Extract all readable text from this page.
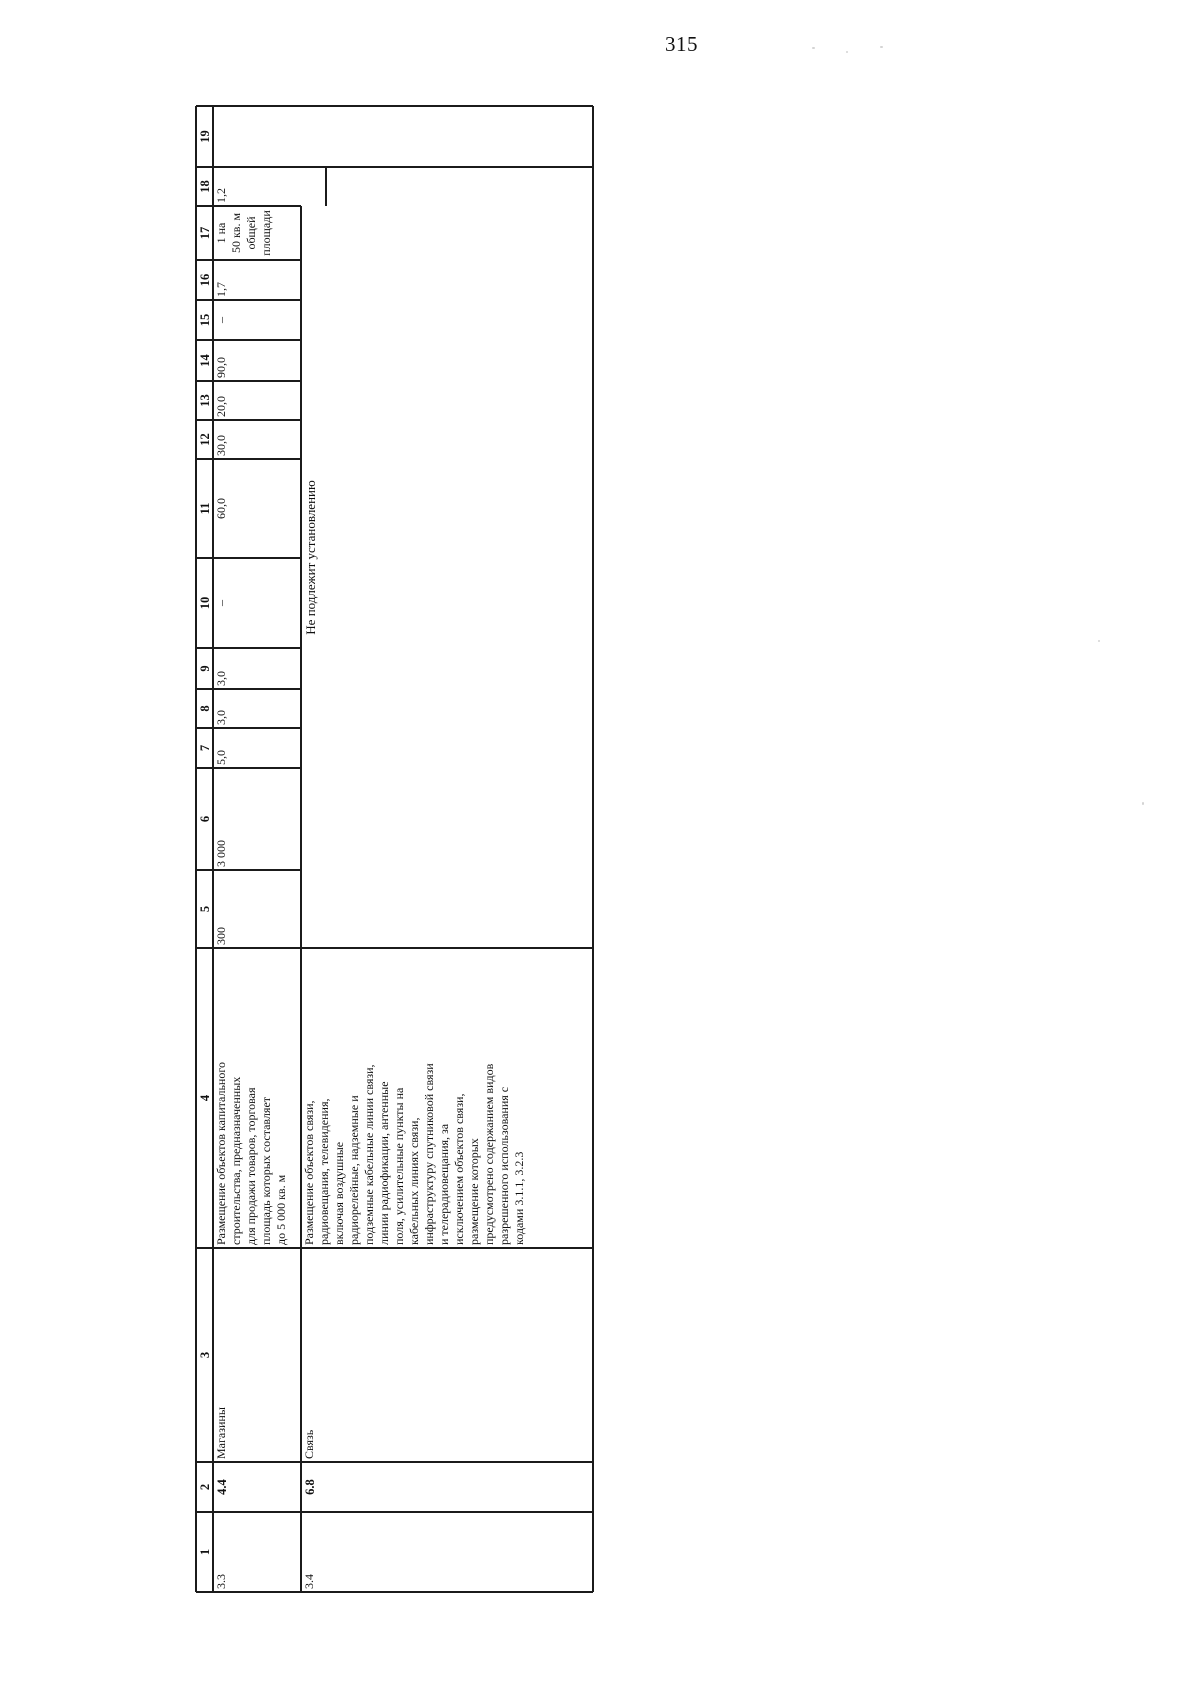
315
1
2
3
4
5
6
7
8
9
10
11
12
13
14
15
16
17
18
19
3.3
4.4
Магазины
Размещение объектов капитального строительства, предназначенных для продажи товаров, торговая площадь которых составляет до 5 000 кв. м
300
3 000
5,0
3,0
3,0
–
60,0
30,0
20,0
90,0
–
1,7
1 на 50 кв. м общей площади
1,2
3.4
6.8
Связь
Размещение объектов связи, радиовещания, телевидения, включая воздушные радиорелейные, надземные и подземные кабельные линии связи, линии радиофикации, антенные поля, усилительные пункты на кабельных линиях связи, инфраструктуру спутниковой связи и телерадиовещания, за исключением объектов связи, размещение которых предусмотрено содержанием видов разрешенного использования с кодами 3.1.1, 3.2.3
Не подлежит установлению
